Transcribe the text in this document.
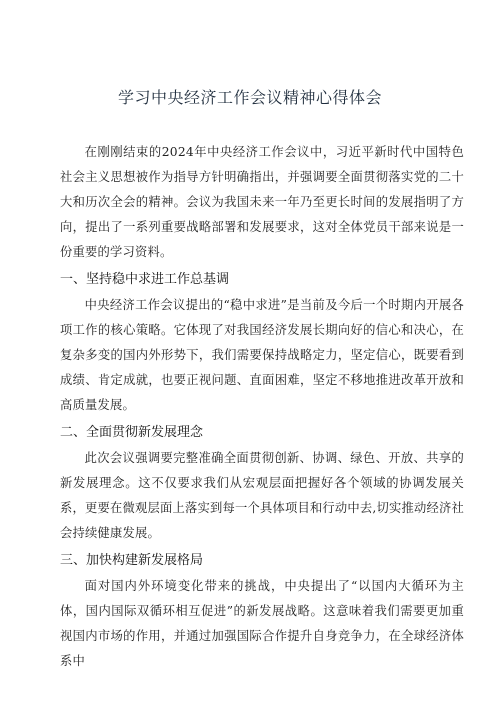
学习中央经济工作会议精神心得体会

在刚刚结束的2024年中央经济工作会议中，习近平新时代中国特色社会主义思想被作为指导方针明确指出，并强调要全面贯彻落实党的二十大和历次全会的精神。会议为我国未来一年乃至更长时间的发展指明了方向，提出了一系列重要战略部署和发展要求，这对全体党员干部来说是一份重要的学习资料。

一、坚持稳中求进工作总基调

中央经济工作会议提出的“稳中求进”是当前及今后一个时期内开展各项工作的核心策略。它体现了对我国经济发展长期向好的信心和决心，在复杂多变的国内外形势下，我们需要保持战略定力，坚定信心，既要看到成绩、肯定成就，也要正视问题、直面困难，坚定不移地推进改革开放和高质量发展。

二、全面贯彻新发展理念

此次会议强调要完整准确全面贯彻创新、协调、绿色、开放、共享的新发展理念。这不仅要求我们从宏观层面把握好各个领域的协调发展关系，更要在微观层面上落实到每一个具体项目和行动中去,切实推动经济社会持续健康发展。

三、加快构建新发展格局

面对国内外环境变化带来的挑战，中央提出了“以国内大循环为主体，国内国际双循环相互促进”的新发展战略。这意味着我们需要更加重视国内市场的作用，并通过加强国际合作提升自身竞争力，在全球经济体系中
